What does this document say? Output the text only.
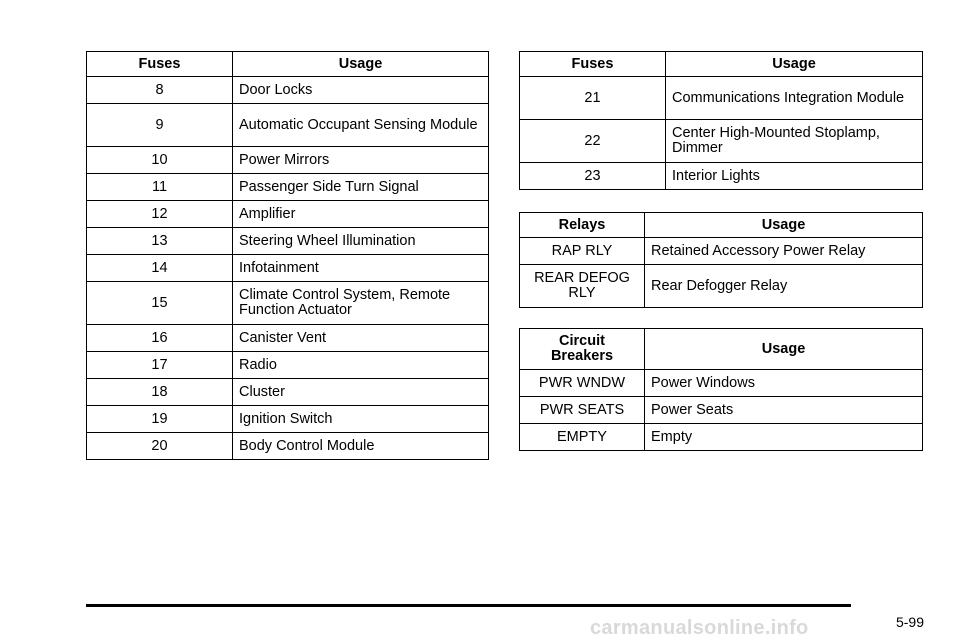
Fuses	Usage
8	Door Locks
9	Automatic Occupant Sensing Module
10	Power Mirrors
11	Passenger Side Turn Signal
12	Amplifier
13	Steering Wheel Illumination
14	Infotainment
15	Climate Control System, Remote Function Actuator
16	Canister Vent
17	Radio
18	Cluster
19	Ignition Switch
20	Body Control Module
Fuses	Usage
21	Communications Integration Module
22	Center High-Mounted Stoplamp, Dimmer
23	Interior Lights
Relays	Usage
RAP RLY	Retained Accessory Power Relay
REAR DEFOG RLY	Rear Defogger Relay
Circuit Breakers	Usage
PWR WNDW	Power Windows
PWR SEATS	Power Seats
EMPTY	Empty
carmanualsonline.info	5-99
